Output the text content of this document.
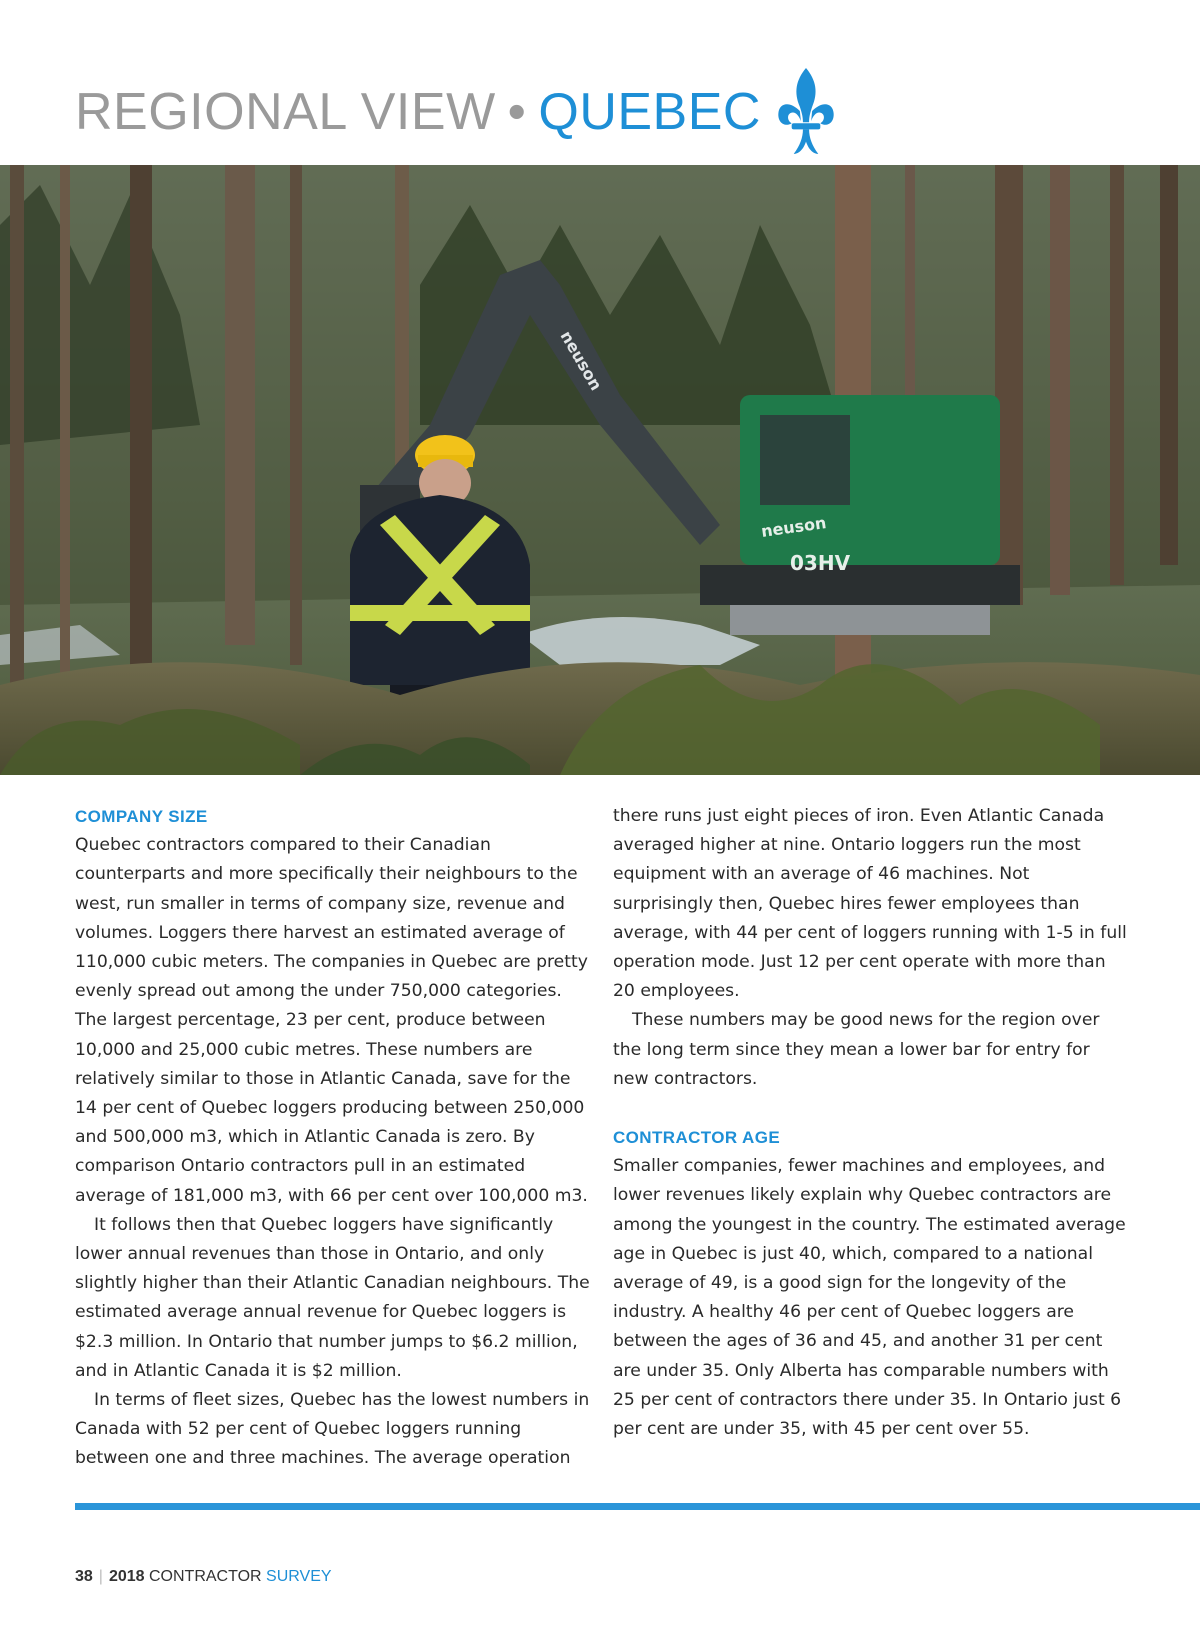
REGIONAL VIEW • QUEBEC
neuson
03HV
neuson
COMPANY SIZE

Quebec contractors compared to their Canadian counterparts and more specifically their neighbours to the west, run smaller in terms of company size, revenue and volumes. Loggers there harvest an estimated average of 110,000 cubic meters. The companies in Quebec are pretty evenly spread out among the under 750,000 categories. The largest percentage, 23 per cent, produce between 10,000 and 25,000 cubic metres. These numbers are relatively similar to those in Atlantic Canada, save for the 14 per cent of Quebec loggers producing between 250,000 and 500,000 m3, which in Atlantic Canada is zero. By comparison Ontario contractors pull in an estimated average of 181,000 m3, with 66 per cent over 100,000 m3.

It follows then that Quebec loggers have significantly lower annual revenues than those in Ontario, and only slightly higher than their Atlantic Canadian neighbours. The estimated average annual revenue for Quebec loggers is $2.3 million. In Ontario that number jumps to $6.2 million, and in Atlantic Canada it is $2 million.

In terms of fleet sizes, Quebec has the lowest numbers in Canada with 52 per cent of Quebec loggers running between one and three machines. The average operation

there runs just eight pieces of iron. Even Atlantic Canada averaged higher at nine. Ontario loggers run the most equipment with an average of 46 machines. Not surprisingly then, Quebec hires fewer employees than average, with 44 per cent of loggers running with 1-5 in full operation mode. Just 12 per cent operate with more than 20 employees.

These numbers may be good news for the region over the long term since they mean a lower bar for entry for new contractors.

CONTRACTOR AGE

Smaller companies, fewer machines and employees, and lower revenues likely explain why Quebec contractors are among the youngest in the country. The estimated average age in Quebec is just 40, which, compared to a national average of 49, is a good sign for the longevity of the industry. A healthy 46 per cent of Quebec loggers are between the ages of 36 and 45, and another 31 per cent are under 35. Only Alberta has comparable numbers with 25 per cent of contractors there under 35. In Ontario just 6 per cent are under 35, with 45 per cent over 55.

38 | 2018 CONTRACTOR SURVEY
